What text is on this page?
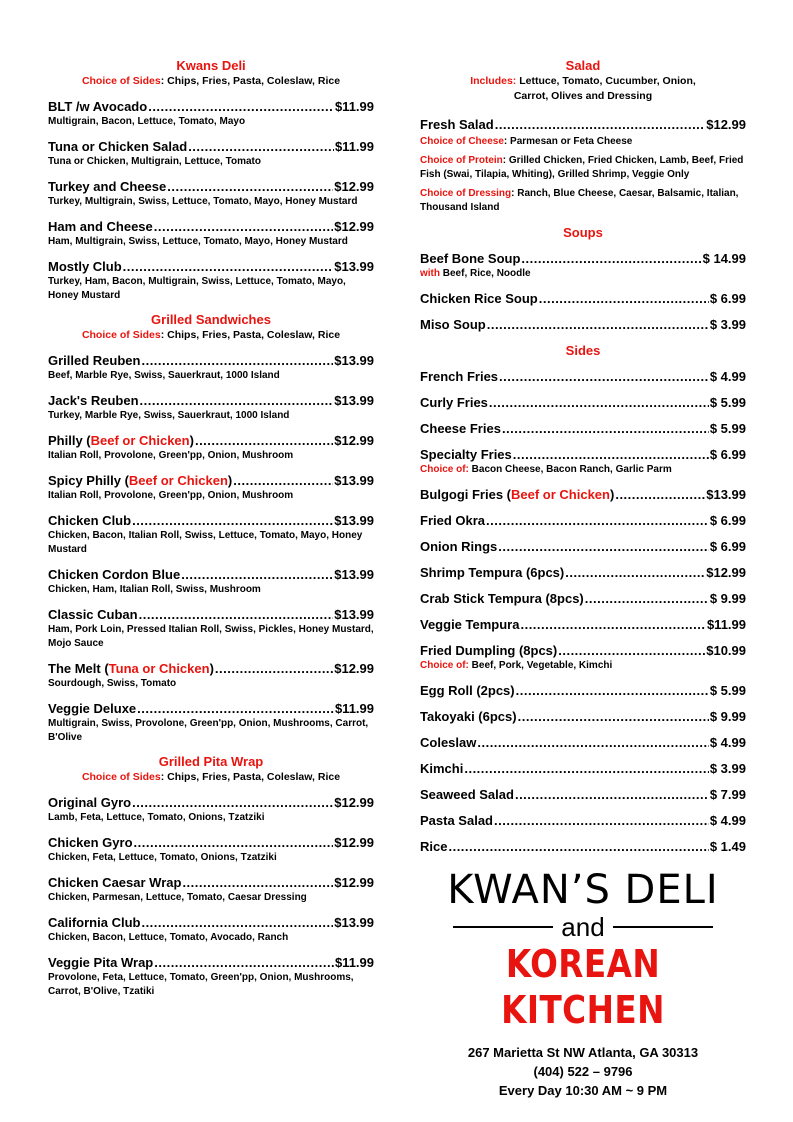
Kwans Deli
Choice of Sides: Chips, Fries, Pasta, Coleslaw, Rice
BLT /w Avocado .....	$11.99
Multigrain, Bacon, Lettuce, Tomato, Mayo
Tuna or Chicken Salad .....	$11.99
Tuna or Chicken, Multigrain, Lettuce, Tomato
Turkey and Cheese .....	$12.99
Turkey, Multigrain, Swiss, Lettuce, Tomato, Mayo, Honey Mustard
Ham and Cheese .....	$12.99
Ham, Multigrain, Swiss, Lettuce, Tomato, Mayo, Honey Mustard
Mostly Club .....	$13.99
Turkey, Ham, Bacon, Multigrain, Swiss, Lettuce, Tomato, Mayo, Honey Mustard
Grilled Sandwiches
Choice of Sides: Chips, Fries, Pasta, Coleslaw, Rice
Grilled Reuben .....	$13.99
Beef, Marble Rye, Swiss, Sauerkraut, 1000 Island
Jack's Reuben .....	$13.99
Turkey, Marble Rye, Swiss, Sauerkraut, 1000 Island
Philly (Beef or Chicken) .....	$12.99
Italian Roll, Provolone, Green'pp, Onion, Mushroom
Spicy Philly (Beef or Chicken) .....	$13.99
Italian Roll, Provolone, Green'pp, Onion, Mushroom
Chicken Club .....	$13.99
Chicken, Bacon, Italian Roll, Swiss, Lettuce, Tomato, Mayo, Honey Mustard
Chicken Cordon Blue .....	$13.99
Chicken, Ham, Italian Roll, Swiss, Mushroom
Classic Cuban .....	$13.99
Ham, Pork Loin, Pressed Italian Roll, Swiss, Pickles, Honey Mustard, Mojo Sauce
The Melt (Tuna or Chicken) .....	$12.99
Sourdough, Swiss, Tomato
Veggie Deluxe .....	$11.99
Multigrain, Swiss, Provolone, Green'pp, Onion, Mushrooms, Carrot, B'Olive
Grilled Pita Wrap
Choice of Sides: Chips, Fries, Pasta, Coleslaw, Rice
Original Gyro .....	$12.99
Lamb, Feta, Lettuce, Tomato, Onions, Tzatziki
Chicken Gyro .....	$12.99
Chicken, Feta, Lettuce, Tomato, Onions, Tzatziki
Chicken Caesar Wrap .....	$12.99
Chicken, Parmesan, Lettuce, Tomato, Caesar Dressing
California Club .....	$13.99
Chicken, Bacon, Lettuce, Tomato, Avocado, Ranch
Veggie Pita Wrap .....	$11.99
Provolone, Feta, Lettuce, Tomato, Green'pp, Onion, Mushrooms, Carrot, B'Olive, Tzatiki
Salad
Includes: Lettuce, Tomato, Cucumber, Onion, Carrot, Olives and Dressing
Fresh Salad .....	$12.99
Choice of Cheese: Parmesan or Feta Cheese
Choice of Protein: Grilled Chicken, Fried Chicken, Lamb, Beef, Fried Fish (Swai, Tilapia, Whiting), Grilled Shrimp, Veggie Only
Choice of Dressing: Ranch, Blue Cheese, Caesar, Balsamic, Italian, Thousand Island
Soups
Beef Bone Soup .....	$ 14.99
with Beef, Rice, Noodle
Chicken Rice Soup .....	$ 6.99
Miso Soup .....	$ 3.99
Sides
French Fries .....	$ 4.99
Curly Fries .....	$ 5.99
Cheese Fries .....	$ 5.99
Specialty Fries .....	$ 6.99
Choice of: Bacon Cheese, Bacon Ranch, Garlic Parm
Bulgogi Fries (Beef or Chicken) .....	$13.99
Fried Okra .....	$ 6.99
Onion Rings .....	$ 6.99
Shrimp Tempura (6pcs) .....	$12.99
Crab Stick Tempura (8pcs) .....	$ 9.99
Veggie Tempura .....	$11.99
Fried Dumpling (8pcs) .....	$10.99
Choice of: Beef, Pork, Vegetable, Kimchi
Egg Roll (2pcs) .....	$ 5.99
Takoyaki (6pcs) .....	$ 9.99
Coleslaw .....	$ 4.99
Kimchi .....	$ 3.99
Seaweed Salad .....	$ 7.99
Pasta Salad .....	$ 4.99
Rice .....	$ 1.49
KWAN’S DELI
and
KOREAN KITCHEN
267 Marietta St NW Atlanta, GA 30313
(404) 522 – 9796
Every Day 10:30 AM ~ 9 PM
